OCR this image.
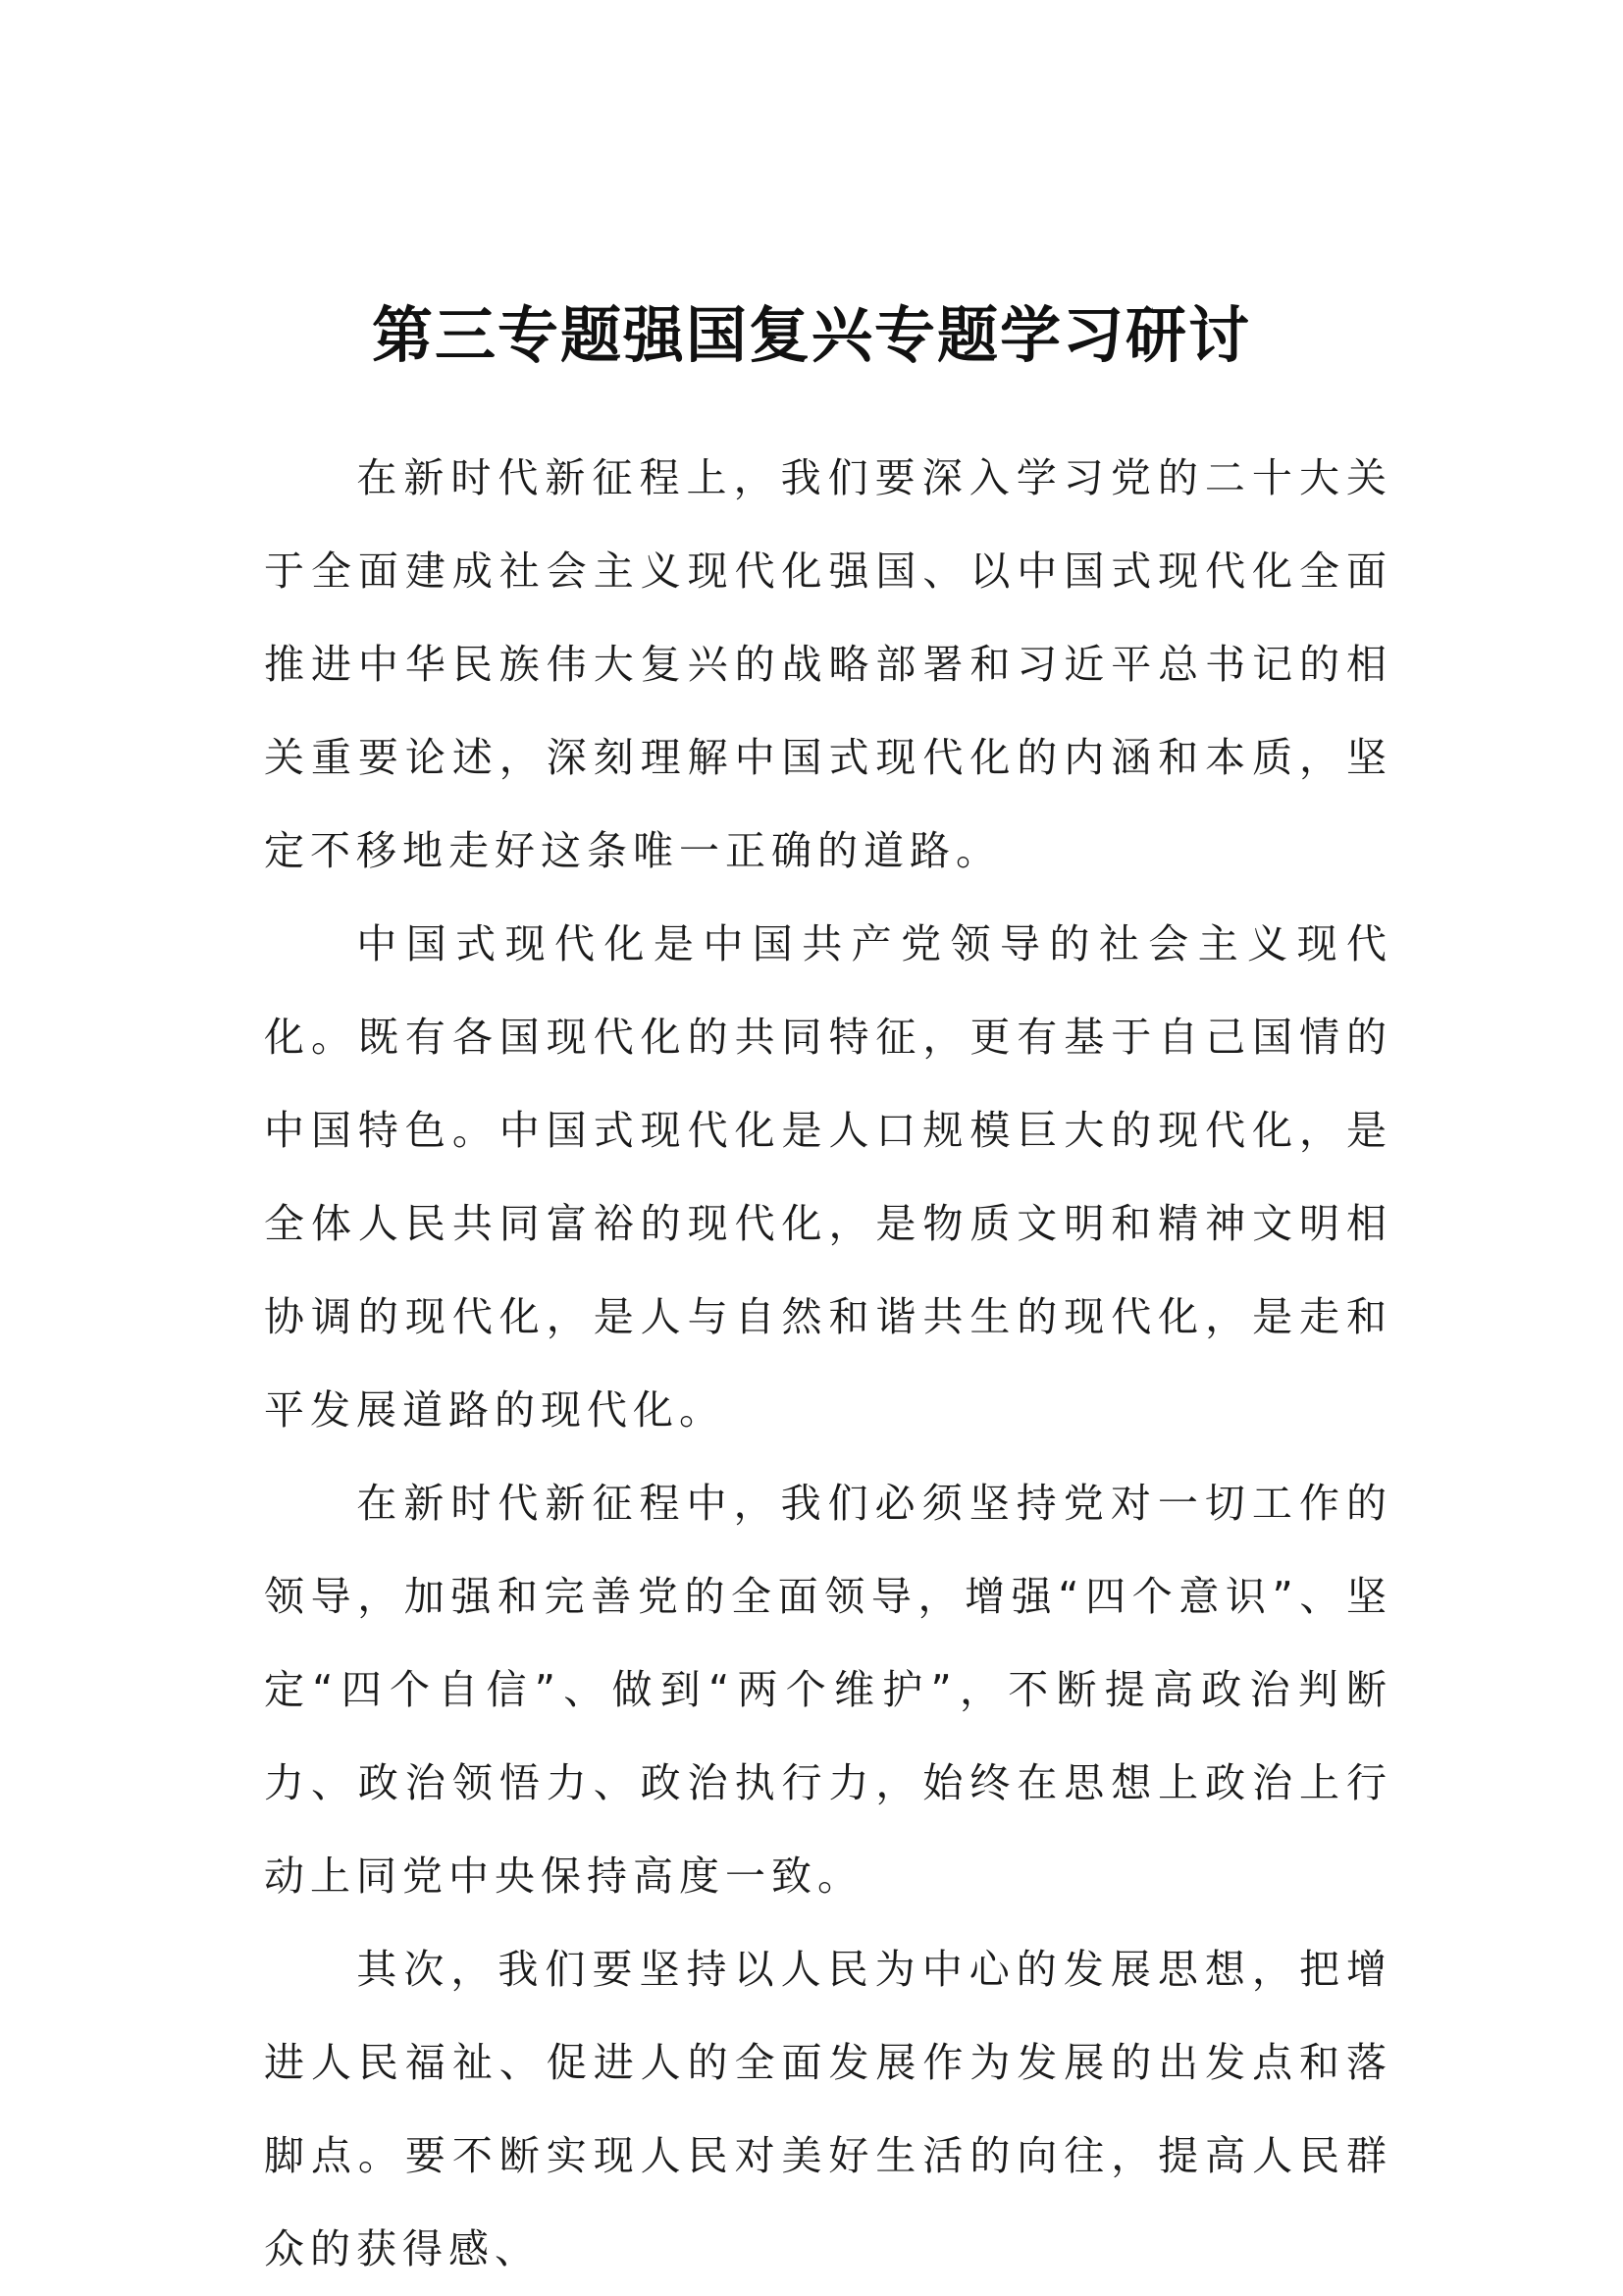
第三专题强国复兴专题学习研讨

在新时代新征程上，我们要深入学习党的二十大关于全面建成社会主义现代化强国、以中国式现代化全面推进中华民族伟大复兴的战略部署和习近平总书记的相关重要论述，深刻理解中国式现代化的内涵和本质，坚定不移地走好这条唯一正确的道路。

中国式现代化是中国共产党领导的社会主义现代化。既有各国现代化的共同特征，更有基于自己国情的中国特色。中国式现代化是人口规模巨大的现代化，是全体人民共同富裕的现代化，是物质文明和精神文明相协调的现代化，是人与自然和谐共生的现代化，是走和平发展道路的现代化。

在新时代新征程中，我们必须坚持党对一切工作的领导，加强和完善党的全面领导，增强“四个意识”、坚定“四个自信”、做到“两个维护”，不断提高政治判断力、政治领悟力、政治执行力，始终在思想上政治上行动上同党中央保持高度一致。

其次，我们要坚持以人民为中心的发展思想，把增进人民福祉、促进人的全面发展作为发展的出发点和落脚点。要不断实现人民对美好生活的向往，提高人民群众的获得感、
